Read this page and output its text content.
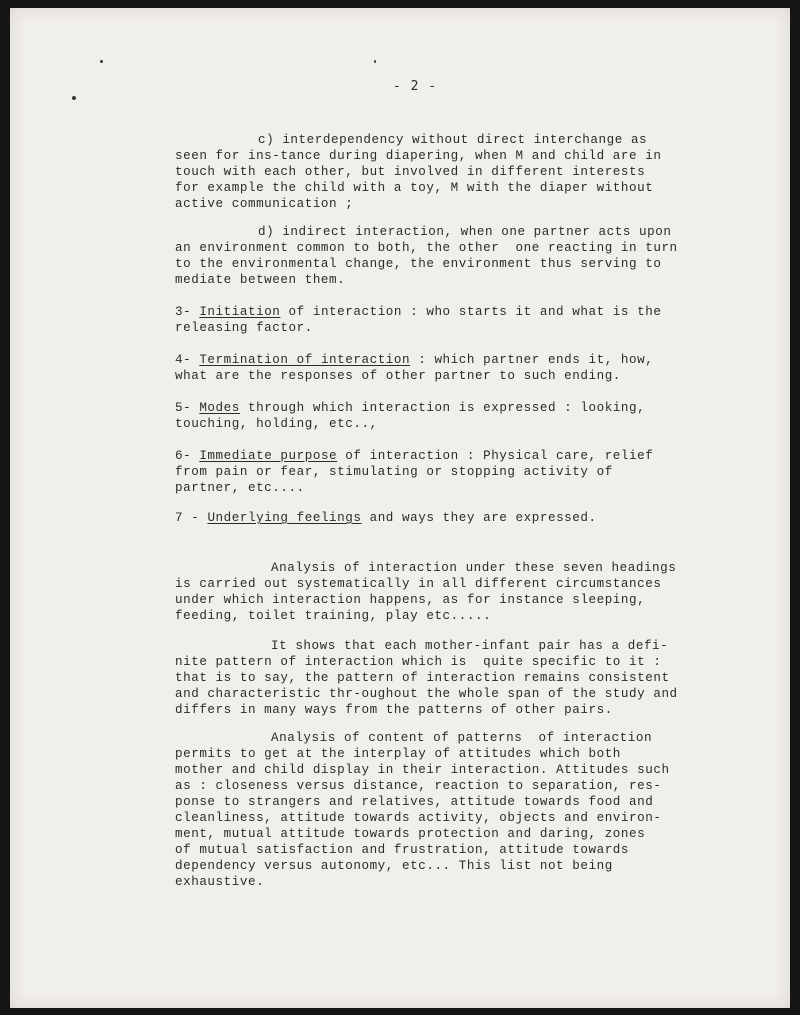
- 2 -

c) interdependency without direct interchange as

seen for ins-tance during diapering, when M and child are in

touch with each other, but involved in different interests

for example the child with a toy, M with the diaper without

active communication ;

d) indirect interaction, when one partner acts upon

an environment common to both, the other  one reacting in turn

to the environmental change, the environment thus serving to

mediate between them.

3- Initiation of interaction : who starts it and what is the

releasing factor.

4- Termination of interaction : which partner ends it, how,

what are the responses of other partner to such ending.

5- Modes through which interaction is expressed : looking,

touching, holding, etc..,

6- Immediate purpose of interaction : Physical care, relief

from pain or fear, stimulating or stopping activity of

partner, etc....

7 - Underlying feelings and ways they are expressed.

Analysis of interaction under these seven headings

is carried out systematically in all different circumstances

under which interaction happens, as for instance sleeping,

feeding, toilet training, play etc.....

It shows that each mother-infant pair has a defi-

nite pattern of interaction which is  quite specific to it :

that is to say, the pattern of interaction remains consistent

and characteristic thr-oughout the whole span of the study and

differs in many ways from the patterns of other pairs.

Analysis of content of patterns  of interaction

permits to get at the interplay of attitudes which both

mother and child display in their interaction. Attitudes such

as : closeness versus distance, reaction to separation, res-

ponse to strangers and relatives, attitude towards food and

cleanliness, attitude towards activity, objects and environ-

ment, mutual attitude towards protection and daring, zones

of mutual satisfaction and frustration, attitude towards

dependency versus autonomy, etc... This list not being

exhaustive.
